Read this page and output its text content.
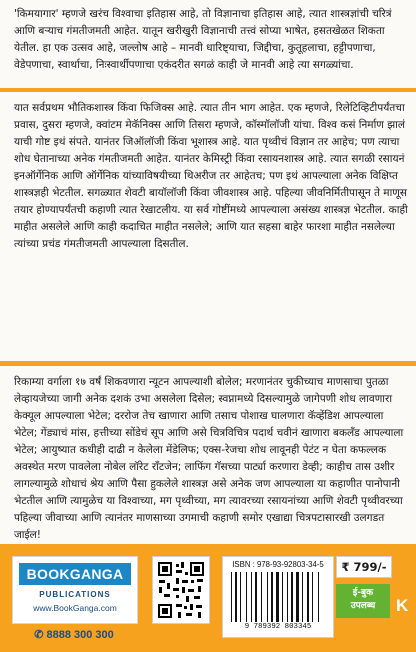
'किमयागार' म्हणजे खरंच विश्वाचा इतिहास आहे, तो विज्ञानाचा इतिहास आहे, त्यात शास्त्रज्ञांची चरित्रं आणि बऱ्याच गंमतीजमती आहेत. यातून खरीखुरी विज्ञानाची तत्त्वं सोप्या भाषेत, हसतखेळत शिकता येतील. हा एक उत्सव आहे, जल्लोष आहे – मानवी धारिष्ट्याचा, जिद्दीचा, कुतूहलाचा, हट्टीपणाचा, वेडेपणाचा, स्वार्थाचा, निःस्वार्थीपणाचा एकंदरीत सगळं काही जे मानवी आहे त्या सगळ्यांचा.

यात सर्वप्रथम भौतिकशास्त्र किंवा फिजिक्स आहे. त्यात तीन भाग आहेत. एक म्हणजे, रिलेटिव्हिटीपर्यंतचा प्रवास, दुसरा म्हणजे, क्वांटम मेकॅनिक्स आणि तिसरा म्हणजे, कॉस्मॉलॉजी यांचा. विश्व कसं निर्माण झालं याची गोष्ट इथं संपते. यानंतर जिऑलॉजी किंवा भूशास्त्र आहे. यात पृथ्वीचं विज्ञान तर आहेच; पण त्याचा शोध घेतानाच्या अनेक गंमतीजमती आहेत. यानंतर केमिस्ट्री किंवा रसायनशास्त्र आहे. त्यात सगळी रसायनं इनऑर्गेनिक आणि ऑर्गेनिक यांच्याविषयीच्या थिअरीज तर आहेतच; पण इथं आपल्याला अनेक विक्षिप्त शास्त्रज्ञही भेटतील. सगळ्यात शेवटी बायॉलॉजी किंवा जीवशास्त्र आहे. पहिल्या जीवनिर्मितीपासून ते माणूस तयार होण्यापर्यंतची कहाणी त्यात रेखाटलीय. या सर्व गोष्टींमध्ये आपल्याला असंख्य शास्त्रज्ञ भेटतील. काही माहीत असलेले आणि काही कदाचित माहीत नसलेले; आणि यात सहसा बाहेर फारशा माहीत नसलेल्या त्यांच्या प्रचंड गंमतीजमती आपल्याला दिसतील.

रिकाम्या वर्गाला १७ वर्षं शिकवणारा न्यूटन आपल्याशी बोलेल; मरणानंतर चुकीच्याच माणसाचा पुतळा लेव्हायजेच्या जागी अनेक दशकं उभा असलेला दिसेल; स्वप्नामध्ये दिसल्यामुळे जागेपणी शोध लावणारा केक्यूल आपल्याला भेटेल; दररोज तेच खाणारा आणि तसाच पोशाख घालणारा कॅव्हेंडिश आपल्याला भेटेल; गेंड्याचं मांस, हत्तीच्या सोंडेचं सूप आणि असे चित्रविचित्र पदार्थ चवीनं खाणारा बकलँड आपल्याला भेटेल; आयुष्यात कधीही दाढी न केलेला मेंडेलिफ; एक्स-रेजचा शोध लावूनही पेटंट न घेता कफल्लक अवस्थेत मरण पावलेला नोबेल लॉरेट रॉंटजेन; लाफिंग गॅसच्या पार्ट्या करणारा डेव्ही; काहीच तास उशीर लागल्यामुळे शोधाचं श्रेय आणि पैसा हुकलेले शास्त्रज्ञ असे अनेक जण आपल्याला या कहाणीत पानोपानी भेटतील आणि त्यामुळेच या विश्वाच्या, मग पृथ्वीच्या, मग त्यावरच्या रसायनांच्या आणि शेवटी पृथ्वीवरच्या पहिल्या जीवाच्या आणि त्यानंतर माणसाच्या उगमाची कहाणी समोर एखाद्या चित्रपटासारखी उलगडत जाईल!

BOOKGANGA
PUBLICATIONS
www.BookGanga.com
✆ 8888 300 300
ISBN : 978-93-92803-34-5
9 789392 803345
₹ 799/-
ई-बुक
उपलब्ध	K
